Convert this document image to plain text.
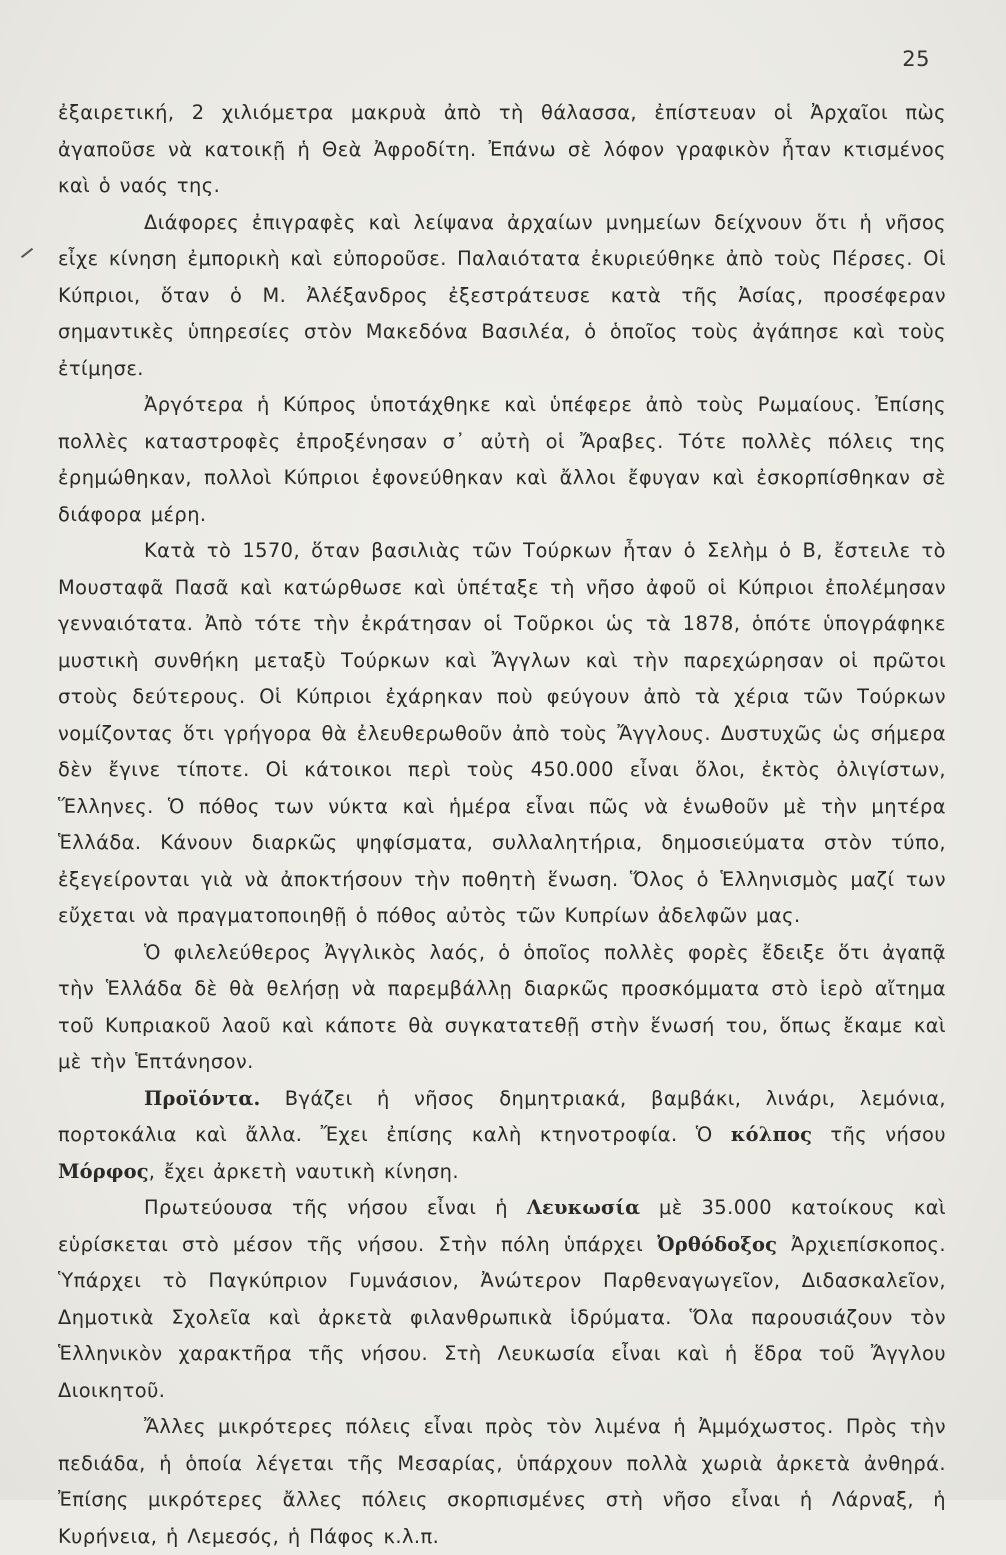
25

ἐξαιρετική, 2 χιλιόμετρα μακρυὰ ἀπὸ τὴ θάλασσα, ἐπίστευαν οἱ Ἀρχαῖοι πὼς ἀγαποῦσε νὰ κατοικῇ ἡ Θεὰ Ἀφροδίτη. Ἐπάνω σὲ λόφον γραφικὸν ἦταν κτισμένος καὶ ὁ ναός της.

Διάφορες ἐπιγραφὲς καὶ λείψανα ἀρχαίων μνημείων δείχνουν ὅτι ἡ νῆσος εἶχε κίνηση ἐμπορικὴ καὶ εὐποροῦσε. Παλαιότατα ἐκυριεύθηκε ἀπὸ τοὺς Πέρσες. Οἱ Κύπριοι, ὅταν ὁ Μ. Ἀλέξανδρος ἐξεστράτευσε κατὰ τῆς Ἀσίας, προσέφεραν σημαντικὲς ὑπηρεσίες στὸν Μακεδόνα Βασιλέα, ὁ ὁποῖος τοὺς ἀγάπησε καὶ τοὺς ἐτίμησε.

Ἀργότερα ἡ Κύπρος ὑποτάχθηκε καὶ ὑπέφερε ἀπὸ τοὺς Ρωμαίους. Ἐπίσης πολλὲς καταστροφὲς ἐπροξένησαν σ᾽ αὐτὴ οἱ Ἄραβες. Τότε πολλὲς πόλεις της ἐρημώθηκαν, πολλοὶ Κύπριοι ἐφονεύθηκαν καὶ ἄλλοι ἔφυγαν καὶ ἐσκορπίσθηκαν σὲ διάφορα μέρη.

Κατὰ τὸ 1570, ὅταν βασιλιὰς τῶν Τούρκων ἦταν ὁ Σελὴμ ὁ Β, ἔστειλε τὸ Μουσταφᾶ Πασᾶ καὶ κατώρθωσε καὶ ὑπέταξε τὴ νῆσο ἀφοῦ οἱ Κύπριοι ἐπολέμησαν γενναιότατα. Ἀπὸ τότε τὴν ἐκράτησαν οἱ Τοῦρκοι ὡς τὰ 1878, ὁπότε ὑπογράφηκε μυστικὴ συνθήκη μεταξὺ Τούρκων καὶ Ἄγγλων καὶ τὴν παρεχώρησαν οἱ πρῶτοι στοὺς δεύτερους. Οἱ Κύπριοι ἐχάρηκαν ποὺ φεύγουν ἀπὸ τὰ χέρια τῶν Τούρκων νομίζοντας ὅτι γρήγορα θὰ ἐλευθερωθοῦν ἀπὸ τοὺς Ἄγγλους. Δυστυχῶς ὡς σήμερα δὲν ἔγινε τίποτε. Οἱ κάτοικοι περὶ τοὺς 450.000 εἶναι ὅλοι, ἐκτὸς ὀλιγίστων, Ἕλληνες. Ὁ πόθος των νύκτα καὶ ἡμέρα εἶναι πῶς νὰ ἑνωθοῦν μὲ τὴν μητέρα Ἑλλάδα. Κάνουν διαρκῶς ψηφίσματα, συλλαλητήρια, δημοσιεύματα στὸν τύπο, ἐξεγείρονται γιὰ νὰ ἀποκτήσουν τὴν ποθητὴ ἕνωση. Ὅλος ὁ Ἑλληνισμὸς μαζί των εὔχεται νὰ πραγματοποιηθῇ ὁ πόθος αὐτὸς τῶν Κυπρίων ἀδελφῶν μας.

Ὁ φιλελεύθερος Ἀγγλικὸς λαός, ὁ ὁποῖος πολλὲς φορὲς ἔδειξε ὅτι ἀγαπᾷ τὴν Ἑλλάδα δὲ θὰ θελήσῃ νὰ παρεμβάλλῃ διαρκῶς προσκόμματα στὸ ἱερὸ αἴτημα τοῦ Κυπριακοῦ λαοῦ καὶ κάποτε θὰ συγκατατεθῇ στὴν ἕνωσή του, ὅπως ἔκαμε καὶ μὲ τὴν Ἑπτάνησον.

Προϊόντα. Βγάζει ἡ νῆσος δημητριακά, βαμβάκι, λινάρι, λεμόνια, πορτοκάλια καὶ ἄλλα. Ἔχει ἐπίσης καλὴ κτηνοτροφία. Ὁ κόλπος τῆς νήσου Μόρφος, ἔχει ἀρκετὴ ναυτικὴ κίνηση.

Πρωτεύουσα τῆς νήσου εἶναι ἡ Λευκωσία μὲ 35.000 κατοίκους καὶ εὑρίσκεται στὸ μέσον τῆς νήσου. Στὴν πόλη ὑπάρχει Ὀρθόδοξος Ἀρχιεπίσκοπος. Ὑπάρχει τὸ Παγκύπριον Γυμνάσιον, Ἀνώτερον Παρθεναγωγεῖον, Διδασκαλεῖον, Δημοτικὰ Σχολεῖα καὶ ἀρκετὰ φιλανθρωπικὰ ἱδρύματα. Ὅλα παρουσιάζουν τὸν Ἑλληνικὸν χαρακτῆρα τῆς νήσου. Στὴ Λευκωσία εἶναι καὶ ἡ ἕδρα τοῦ Ἄγγλου Διοικητοῦ.

Ἄλλες μικρότερες πόλεις εἶναι πρὸς τὸν λιμένα ἡ Ἀμμόχωστος. Πρὸς τὴν πεδιάδα, ἡ ὁποία λέγεται τῆς Μεσαρίας, ὑπάρχουν πολλὰ χωριὰ ἀρκετὰ ἀνθηρά. Ἐπίσης μικρότερες ἄλλες πόλεις σκορπισμένες στὴ νῆσο εἶναι ἡ Λάρναξ, ἡ Κυρήνεια, ἡ Λεμεσός, ἡ Πάφος κ.λ.π.
